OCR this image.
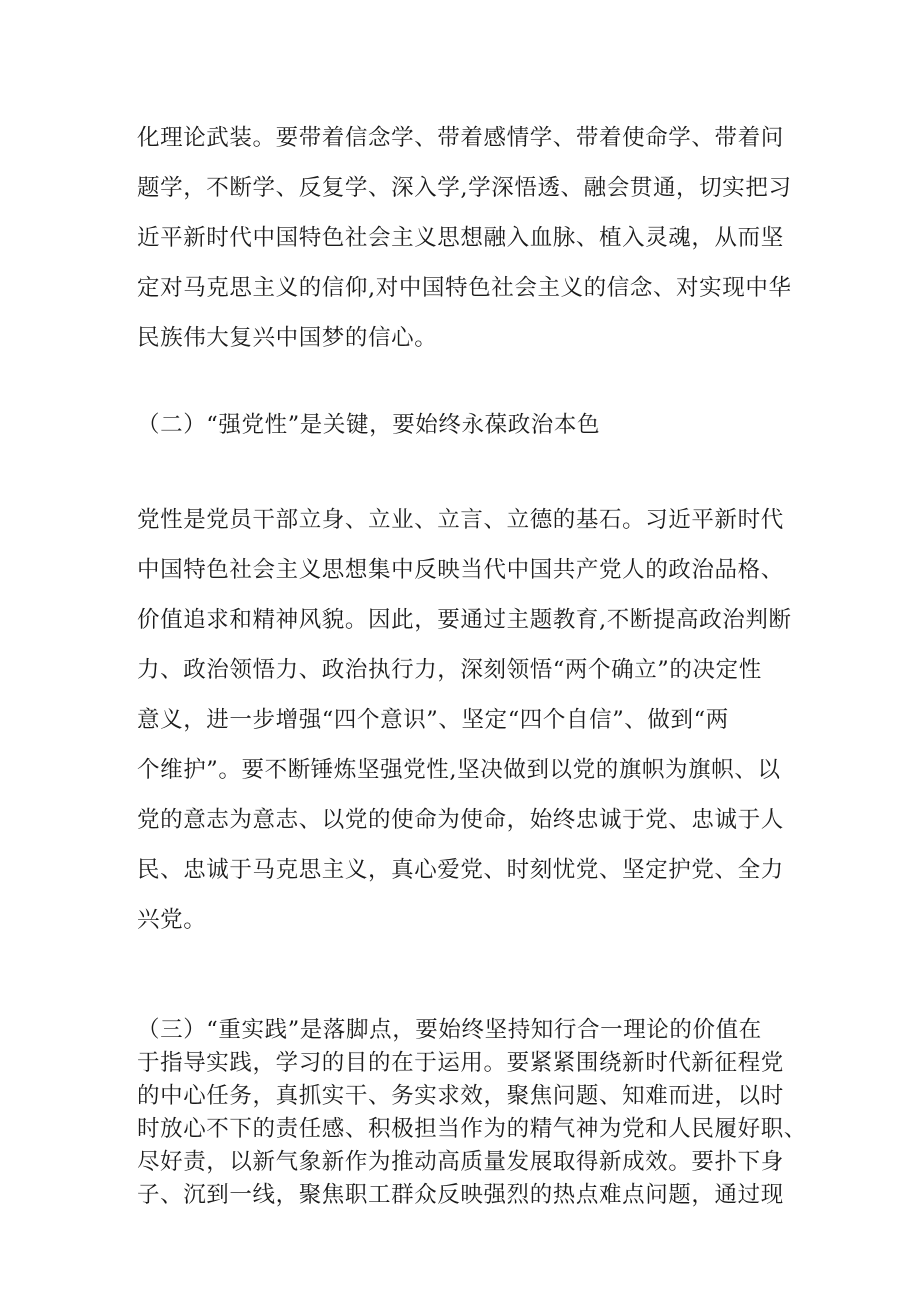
化理论武装。要带着信念学、带着感情学、带着使命学、带着问
题学，不断学、反复学、深入学,学深悟透、融会贯通，切实把习
近平新时代中国特色社会主义思想融入血脉、植入灵魂，从而坚
定对马克思主义的信仰,对中国特色社会主义的信念、对实现中华
民族伟大复兴中国梦的信心。
（二）“强党性”是关键，要始终永葆政治本色
党性是党员干部立身、立业、立言、立德的基石。习近平新时代
中国特色社会主义思想集中反映当代中国共产党人的政治品格、
价值追求和精神风貌。因此，要通过主题教育,不断提高政治判断
力、政治领悟力、政治执行力，深刻领悟“两个确立”的决定性
意义，进一步增强“四个意识”、坚定“四个自信”、做到“两
个维护”。要不断锤炼坚强党性,坚决做到以党的旗帜为旗帜、以
党的意志为意志、以党的使命为使命，始终忠诚于党、忠诚于人
民、忠诚于马克思主义，真心爱党、时刻忧党、坚定护党、全力
兴党。
（三）“重实践”是落脚点，要始终坚持知行合一理论的价值在
于指导实践，学习的目的在于运用。要紧紧围绕新时代新征程党
的中心任务，真抓实干、务实求效，聚焦问题、知难而进，以时
时放心不下的责任感、积极担当作为的精气神为党和人民履好职、
尽好责，以新气象新作为推动高质量发展取得新成效。要扑下身
子、沉到一线，聚焦职工群众反映强烈的热点难点问题，通过现
